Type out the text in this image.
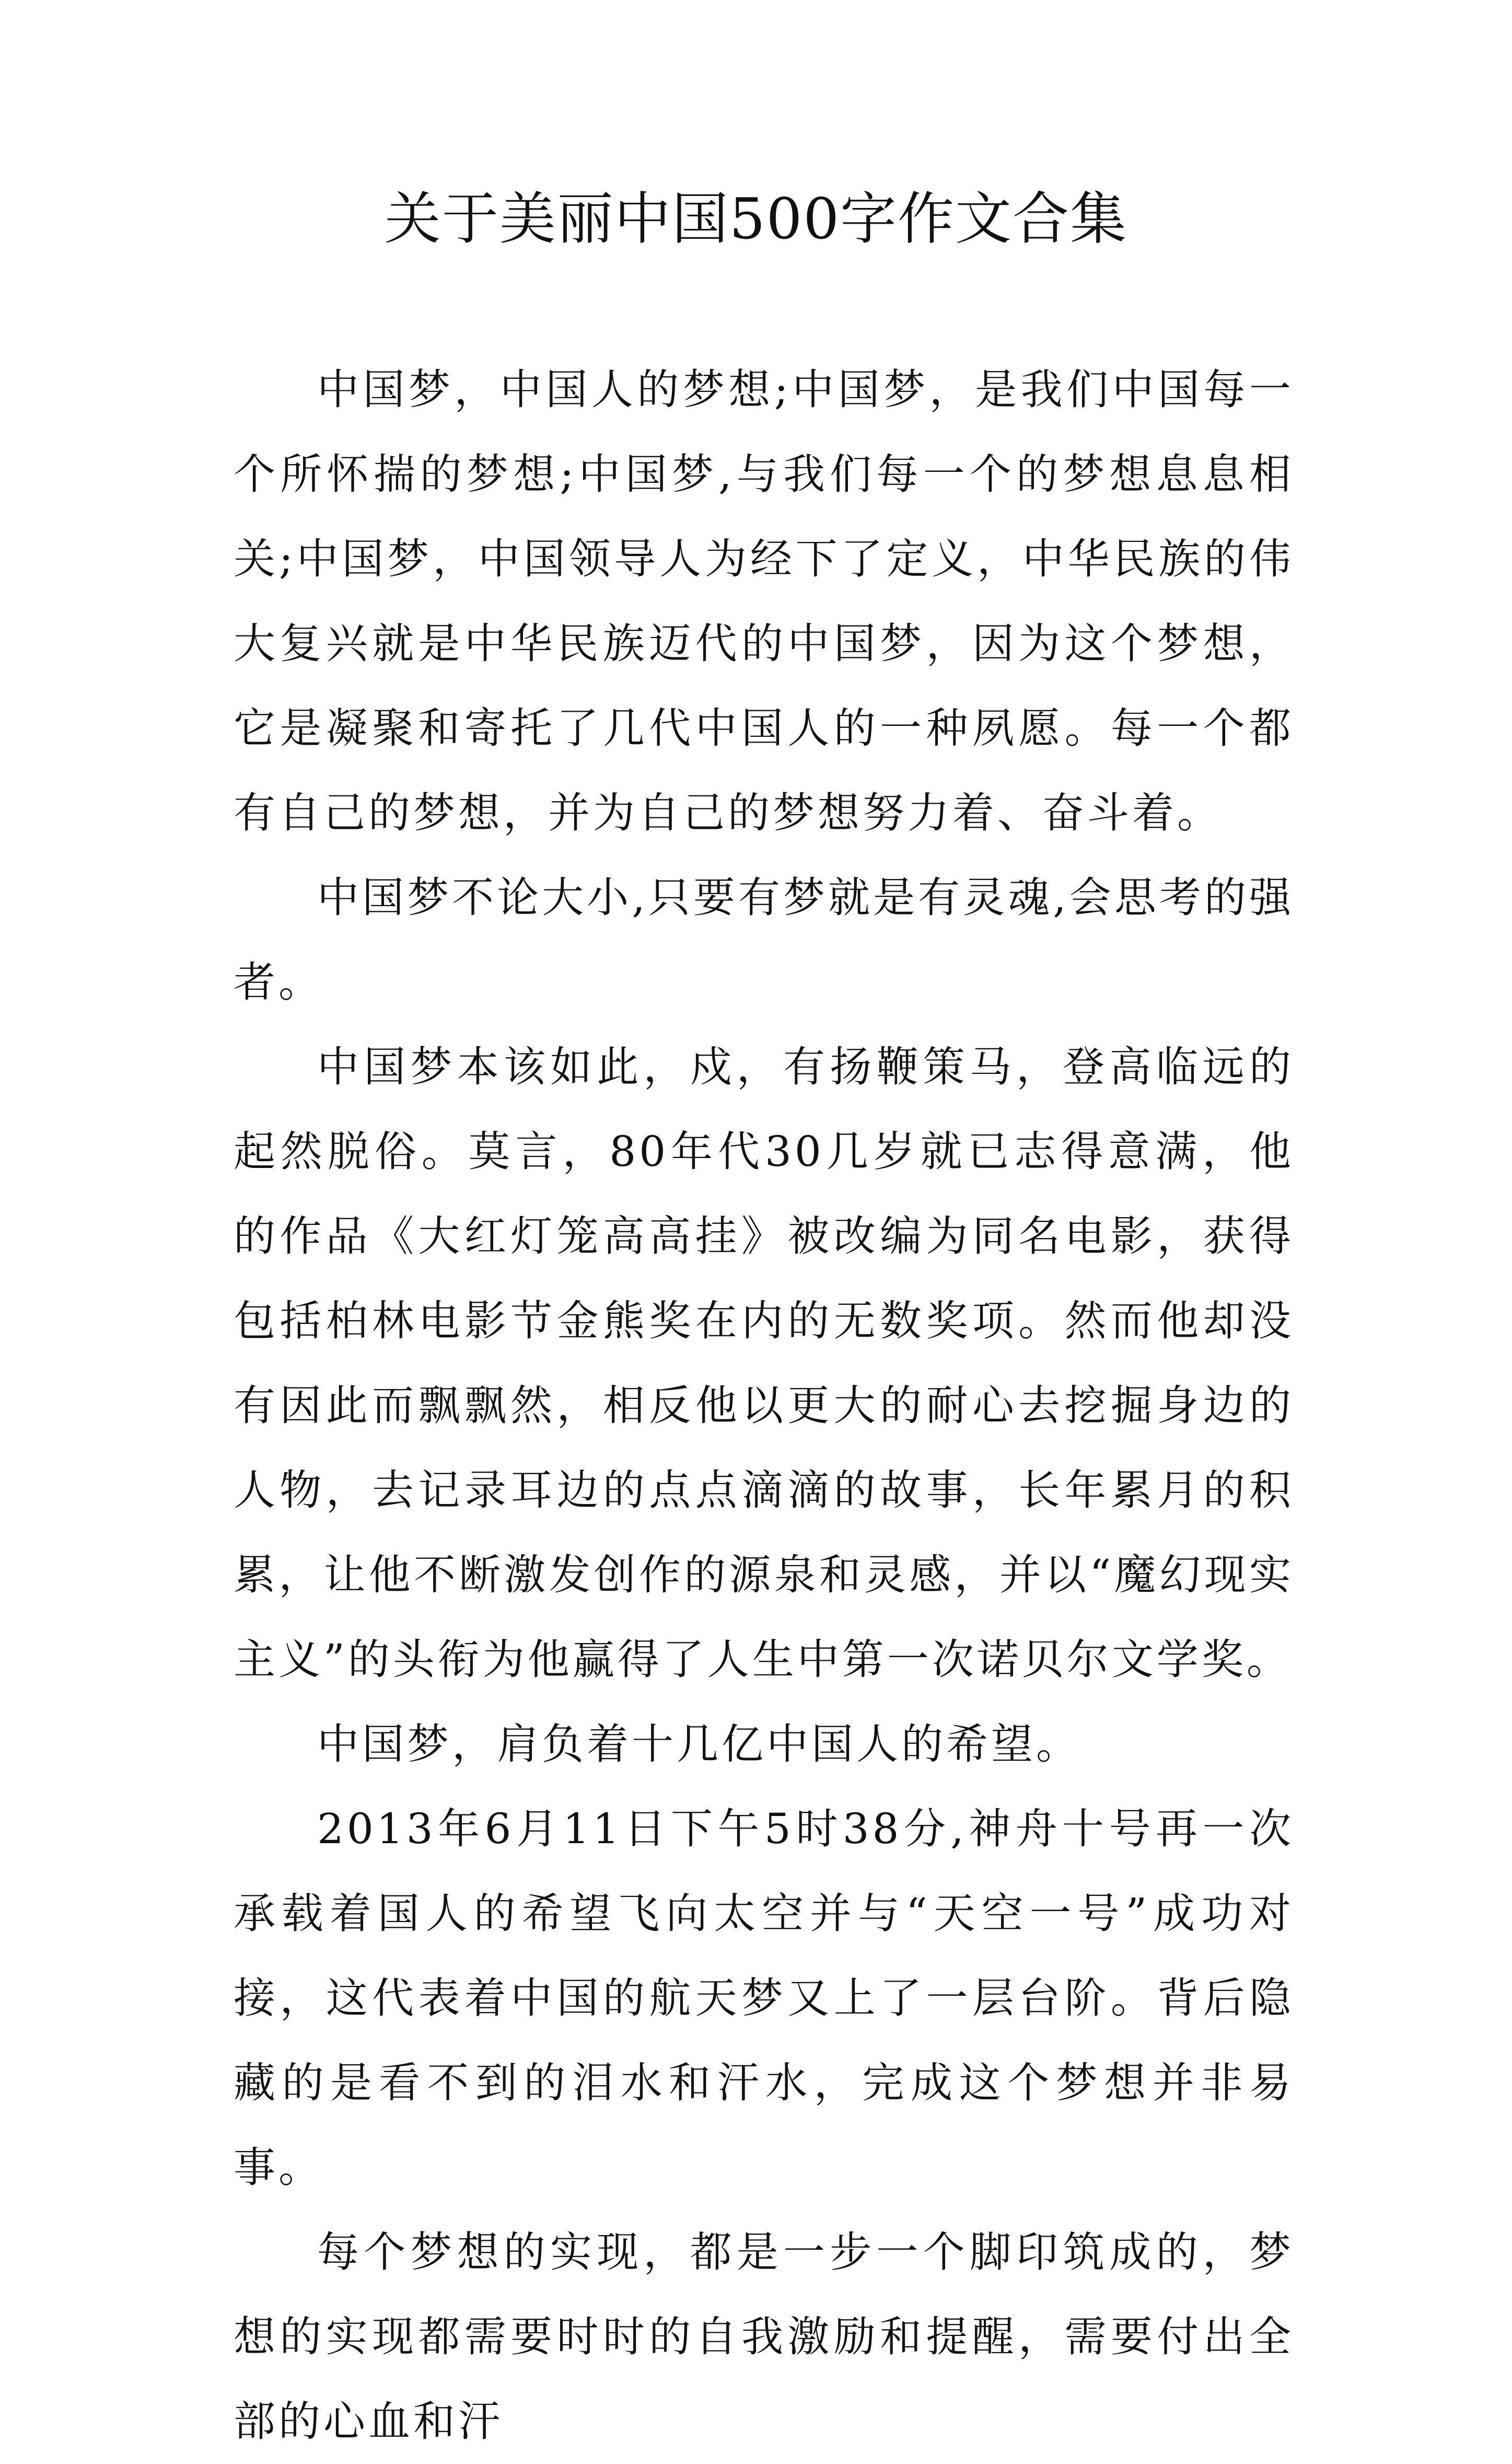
关于美丽中国500字作文合集

中国梦，中国人的梦想;中国梦，是我们中国每一个所怀揣的梦想;中国梦,与我们每一个的梦想息息相关;中国梦，中国领导人为经下了定义，中华民族的伟大复兴就是中华民族迈代的中国梦，因为这个梦想，它是凝聚和寄托了几代中国人的一种夙愿。每一个都有自己的梦想，并为自己的梦想努力着、奋斗着。

中国梦不论大小,只要有梦就是有灵魂,会思考的强者。

中国梦本该如此，戍，有扬鞭策马，登高临远的起然脱俗。莫言，80年代30几岁就已志得意满，他的作品《大红灯笼高高挂》被改编为同名电影，获得包括柏林电影节金熊奖在内的无数奖项。然而他却没有因此而飘飘然，相反他以更大的耐心去挖掘身边的人物，去记录耳边的点点滴滴的故事，长年累月的积累，让他不断激发创作的源泉和灵感，并以“魔幻现实主义”的头衔为他赢得了人生中第一次诺贝尔文学奖。

中国梦，肩负着十几亿中国人的希望。

2013年6月11日下午5时38分,神舟十号再一次承载着国人的希望飞向太空并与“天空一号”成功对接，这代表着中国的航天梦又上了一层台阶。背后隐藏的是看不到的泪水和汗水，完成这个梦想并非易事。

每个梦想的实现，都是一步一个脚印筑成的，梦想的实现都需要时时的自我激励和提醒，需要付出全部的心血和汗
